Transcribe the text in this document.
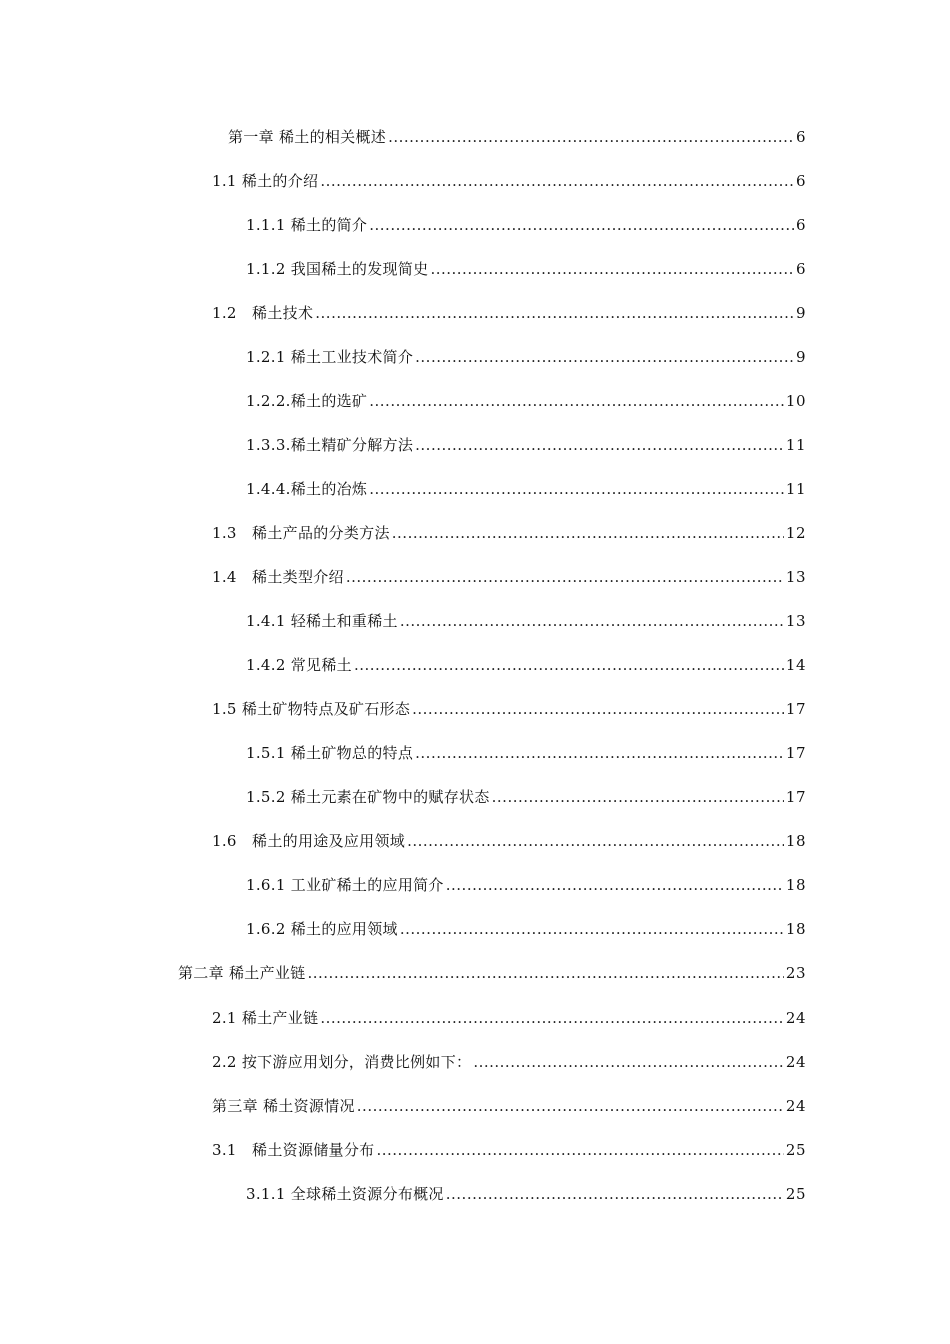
第一章 稀土的相关概述 .....	6
1.1 稀土的介绍 .....	6
1.1.1 稀土的简介 .....	6
1.1.2 我国稀土的发现简史 .....	6
1.2　稀土技术 .....	9
1.2.1 稀土工业技术简介 .....	9
1.2.2.稀土的选矿 .....	10
1.3.3.稀土精矿分解方法 .....	11
1.4.4.稀土的冶炼 .....	11
1.3　稀土产品的分类方法 .....	12
1.4　稀土类型介绍 .....	13
1.4.1 轻稀土和重稀土 .....	13
1.4.2 常见稀土 .....	14
1.5 稀土矿物特点及矿石形态 .....	17
1.5.1 稀土矿物总的特点 .....	17
1.5.2 稀土元素在矿物中的赋存状态 .....	17
1.6　稀土的用途及应用领域 .....	18
1.6.1 工业矿稀土的应用简介 .....	18
1.6.2 稀土的应用领域 .....	18
第二章 稀土产业链 .....	23
2.1 稀土产业链 .....	24
2.2 按下游应用划分，消费比例如下： .....	24
第三章 稀土资源情况 .....	24
3.1　稀土资源储量分布 .....	25
3.1.1 全球稀土资源分布概况 .....	25
